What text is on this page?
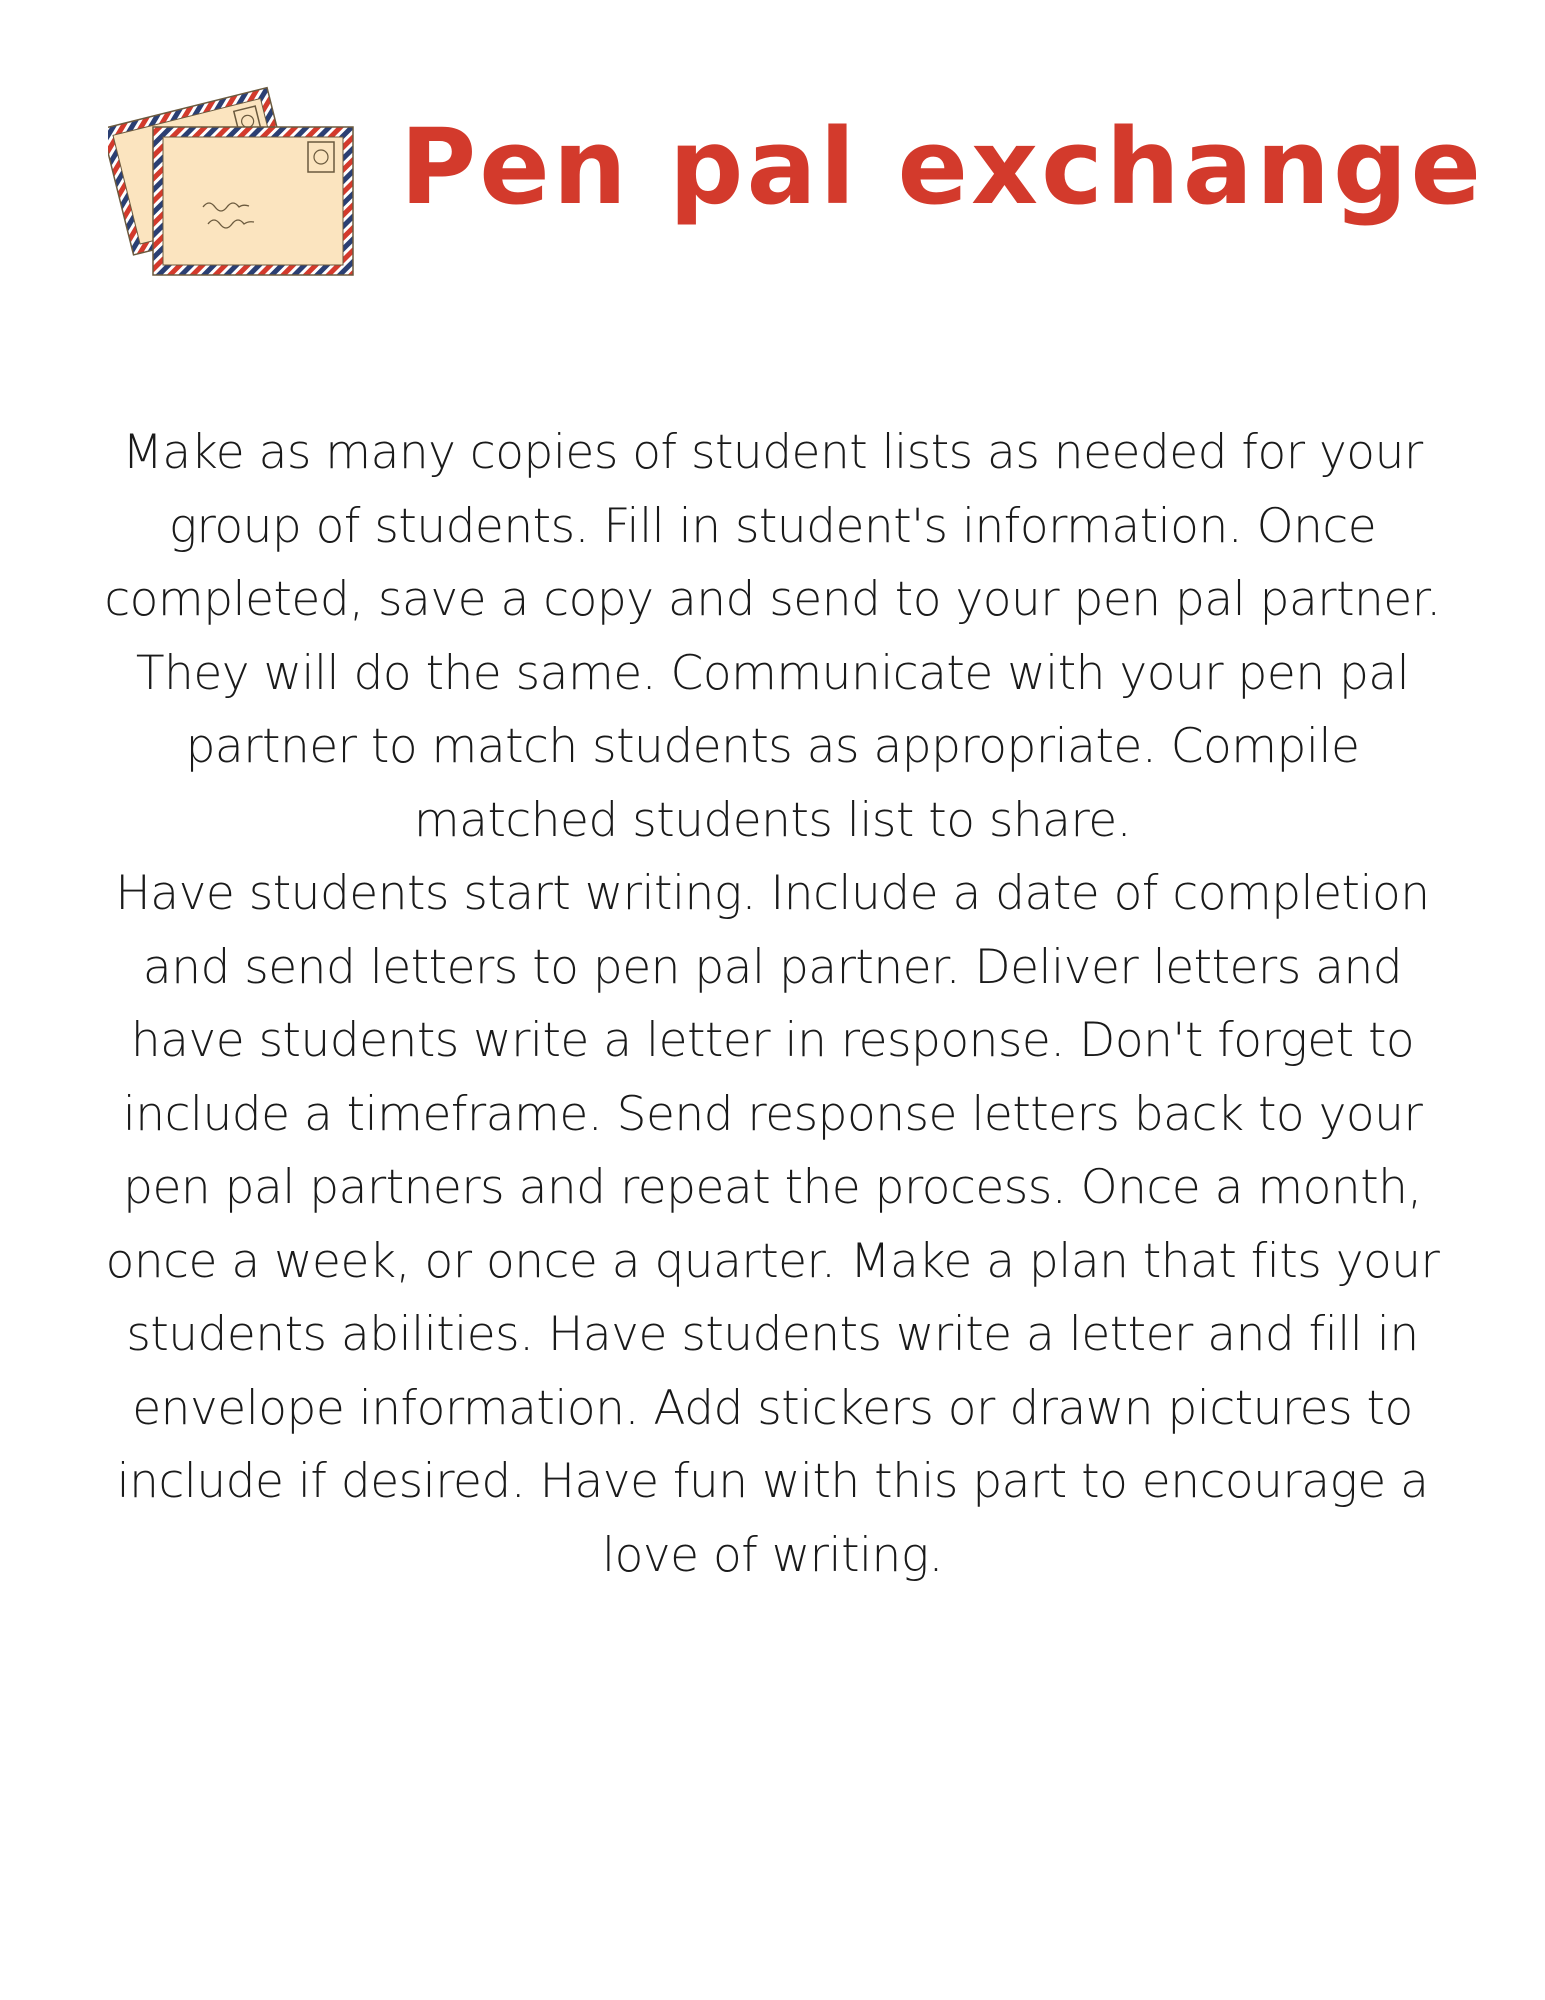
Pen pal exchange

Make as many copies of student lists as needed for your group of students. Fill in student's information. Once completed, save a copy and send to your pen pal partner. They will do the same. Communicate with your pen pal partner to match students as appropriate. Compile matched students list to share.

Have students start writing. Include a date of completion and send letters to pen pal partner. Deliver letters and have students write a letter in response. Don't forget to include a timeframe. Send response letters back to your pen pal partners and repeat the process. Once a month, once a week, or once a quarter. Make a plan that fits your students abilities. Have students write a letter and fill in envelope information. Add stickers or drawn pictures to include if desired. Have fun with this part to encourage a love of writing.
